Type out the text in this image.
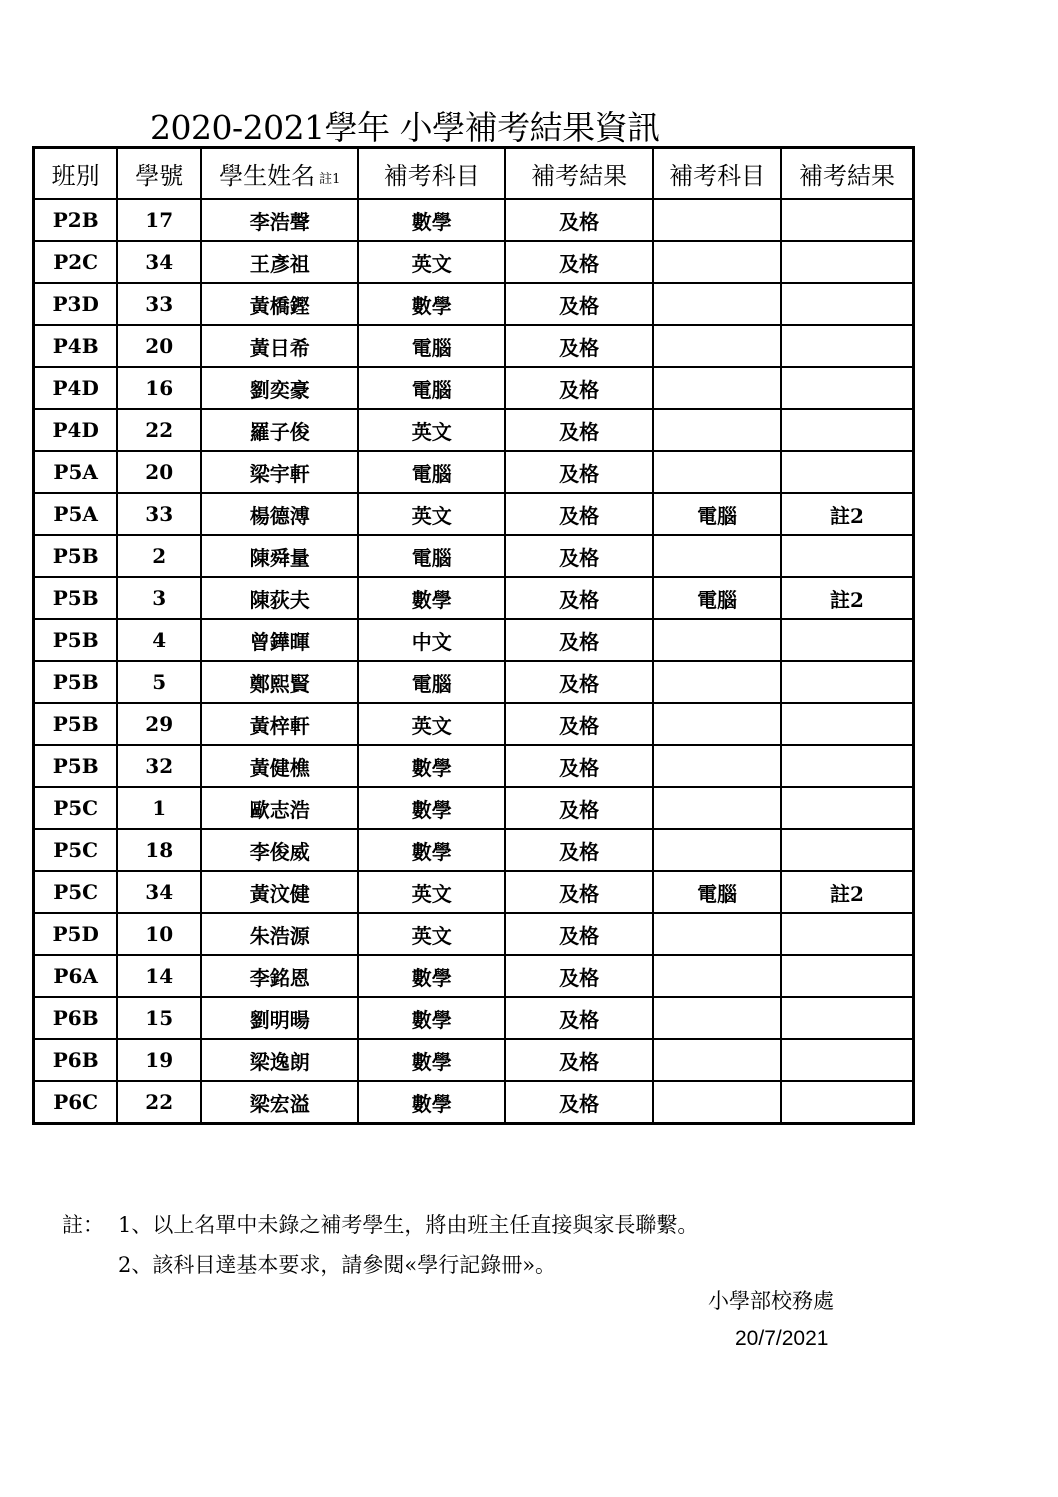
2020-2021學年 小學補考結果資訊
班別	學號	學生姓名 註1	補考科目	補考結果	補考科目	補考結果
P2B	17	李浩聲	數學	及格		
P2C	34	王彥祖	英文	及格		
P3D	33	黃橋鏗	數學	及格		
P4B	20	黃日希	電腦	及格		
P4D	16	劉奕豪	電腦	及格		
P4D	22	羅子俊	英文	及格		
P5A	20	梁宇軒	電腦	及格		
P5A	33	楊德溥	英文	及格	電腦	註2
P5B	2	陳舜量	電腦	及格		
P5B	3	陳荻夫	數學	及格	電腦	註2
P5B	4	曾鏵暉	中文	及格		
P5B	5	鄭熙賢	電腦	及格		
P5B	29	黃梓軒	英文	及格		
P5B	32	黃健樵	數學	及格		
P5C	1	歐志浩	數學	及格		
P5C	18	李俊威	數學	及格		
P5C	34	黃汶健	英文	及格	電腦	註2
P5D	10	朱浩源	英文	及格		
P6A	14	李銘恩	數學	及格		
P6B	15	劉明暘	數學	及格		
P6B	19	梁逸朗	數學	及格		
P6C	22	梁宏溢	數學	及格		
註： 1、以上名單中未錄之補考學生，將由班主任直接與家長聯繫。
2、該科目達基本要求，請參閱«學行記錄冊»。
小學部校務處
20/7/2021
